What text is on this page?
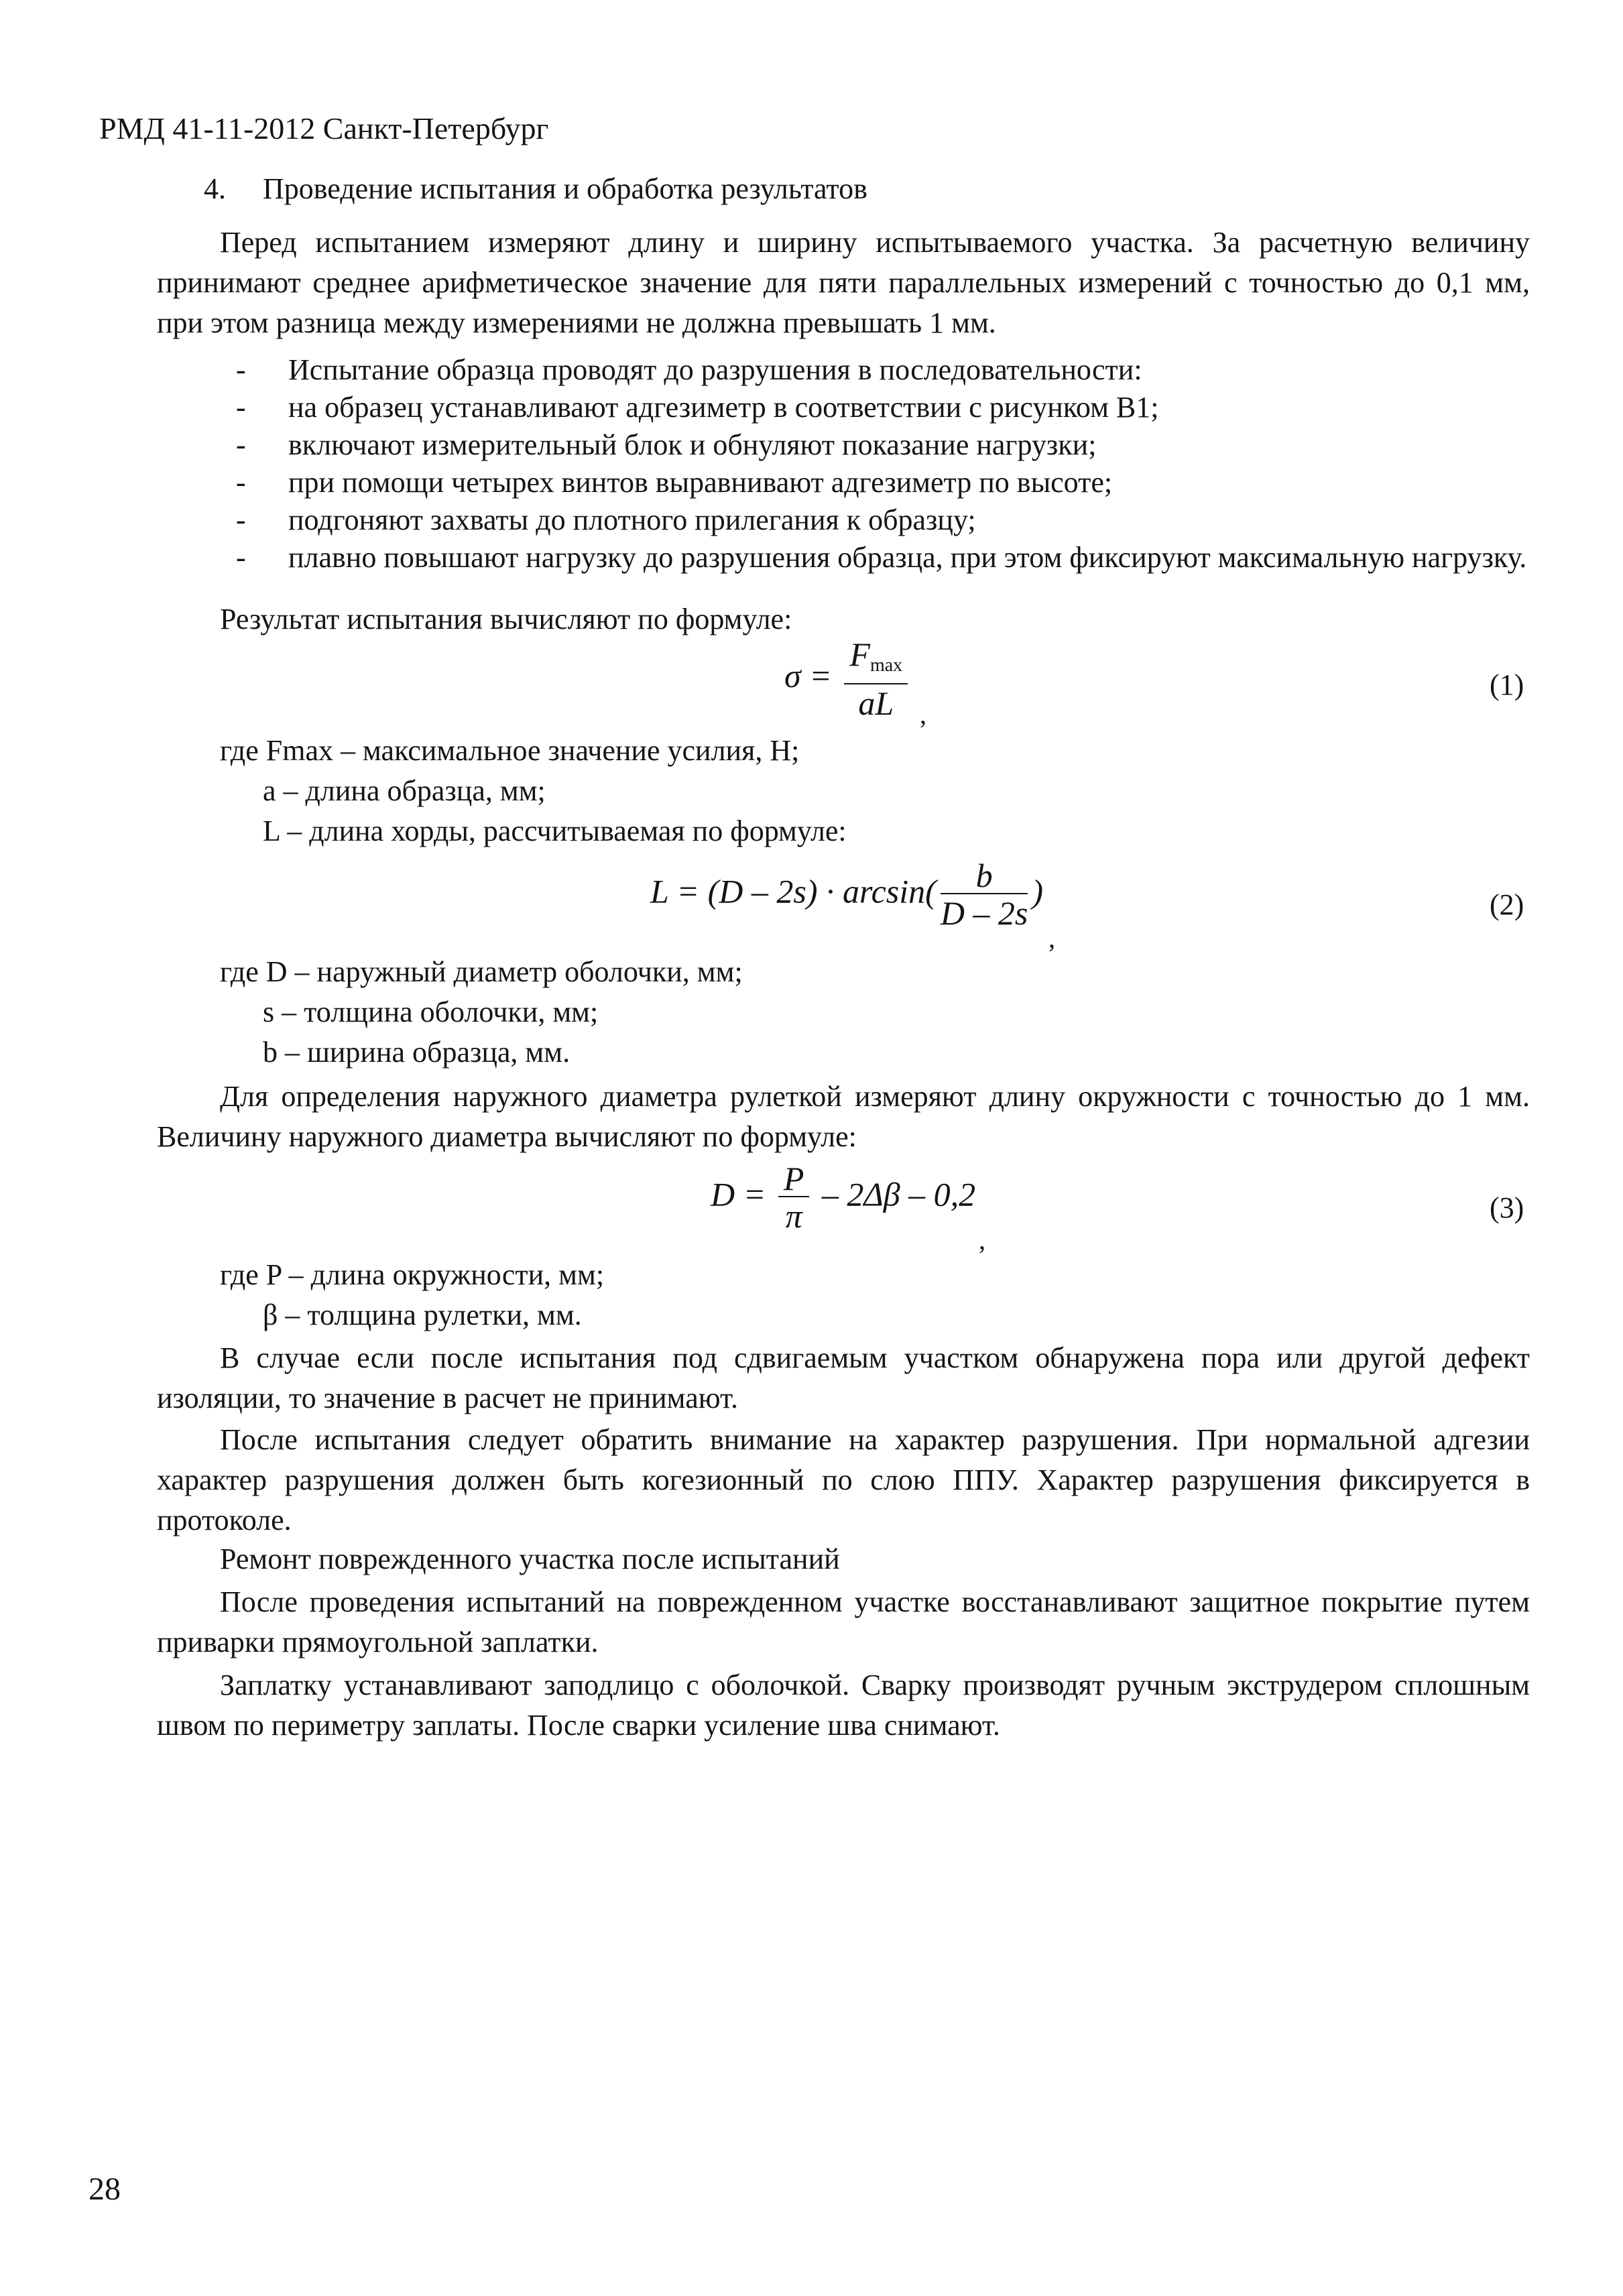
РМД 41-11-2012 Санкт-Петербург
4. Проведение испытания и обработка результатов

Перед испытанием измеряют длину и ширину испытываемого участка. За расчетную величину принимают среднее арифметическое значение для пяти параллельных измерений с точностью до 0,1 мм, при этом разница между измерениями не должна превышать 1 мм.

- Испытание образца проводят до разрушения в последовательности:
- на образец устанавливают адгезиметр в соответствии с рисунком В1;
- включают измерительный блок и обнуляют показание нагрузки;
- при помощи четырех винтов выравнивают адгезиметр по высоте;
- подгоняют захваты до плотного прилегания к образцу;
- плавно повышают нагрузку до разрушения образца, при этом фиксируют максимальную нагрузку.

Результат испытания вычисляют по формуле:

$\sigma = \frac{F_{max}}{aL}$ ,
(1)

где Fmax – максимальное значение усилия, Н;

a – длина образца, мм;

L – длина хорды, рассчитываемая по формуле:

$L = (D - 2s) \cdot \arcsin( \frac{b}{D - 2s}$ )
,
(2)

где D – наружный диаметр оболочки, мм;

s – толщина оболочки, мм;

b – ширина образца, мм.

Для определения наружного диаметра рулеткой измеряют длину окружности с точностью до 1 мм. Величину наружного диаметра вычисляют по формуле:

$D = \frac{P}{\pi} - 2\Delta\beta - 0,2$
,
(3)

где P – длина окружности, мм;

β – толщина рулетки, мм.

В случае если после испытания под сдвигаемым участком обнаружена пора или другой дефект изоляции, то значение в расчет не принимают.

После испытания следует обратить внимание на характер разрушения. При нормальной адгезии характер разрушения должен быть когезионный по слою ППУ. Характер разрушения фиксируется в протоколе.

Ремонт поврежденного участка после испытаний

После проведения испытаний на поврежденном участке восстанавливают защитное покрытие путем приварки прямоугольной заплатки.

Заплатку устанавливают заподлицо с оболочкой. Сварку производят ручным экструдером сплошным швом по периметру заплаты. После сварки усиление шва снимают.

28
